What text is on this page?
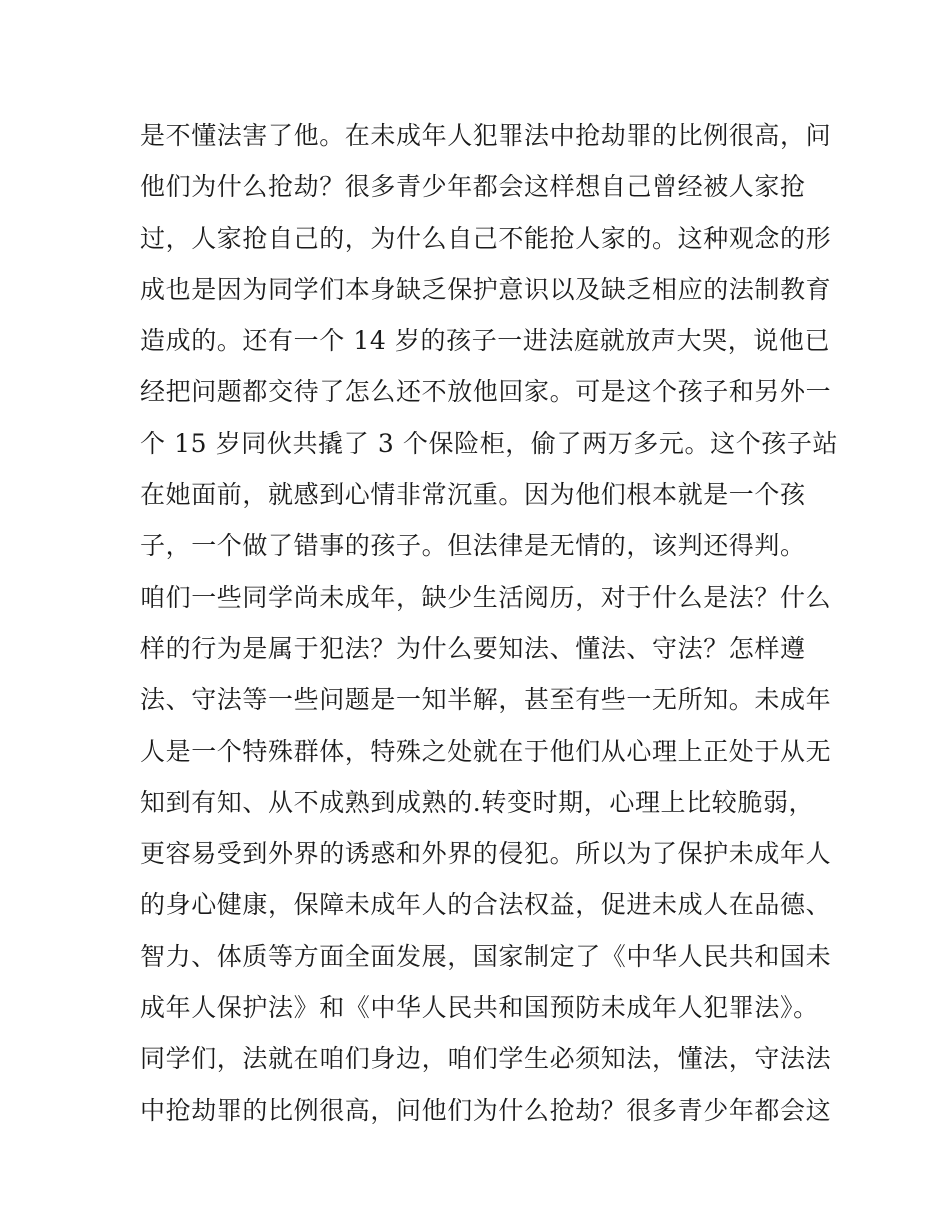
是不懂法害了他。在未成年人犯罪法中抢劫罪的比例很高，问
他们为什么抢劫？很多青少年都会这样想自己曾经被人家抢
过，人家抢自己的，为什么自己不能抢人家的。这种观念的形
成也是因为同学们本身缺乏保护意识以及缺乏相应的法制教育
造成的。还有一个 14 岁的孩子一进法庭就放声大哭，说他已
经把问题都交待了怎么还不放他回家。可是这个孩子和另外一
个 15 岁同伙共撬了 3 个保险柜，偷了两万多元。这个孩子站
在她面前，就感到心情非常沉重。因为他们根本就是一个孩
子，一个做了错事的孩子。但法律是无情的，该判还得判。
咱们一些同学尚未成年，缺少生活阅历，对于什么是法？什么
样的行为是属于犯法？为什么要知法、懂法、守法？怎样遵
法、守法等一些问题是一知半解，甚至有些一无所知。未成年
人是一个特殊群体，特殊之处就在于他们从心理上正处于从无
知到有知、从不成熟到成熟的.转变时期，心理上比较脆弱，
更容易受到外界的诱惑和外界的侵犯。所以为了保护未成年人
的身心健康，保障未成年人的合法权益，促进未成人在品德、
智力、体质等方面全面发展，国家制定了《中华人民共和国未
成年人保护法》和《中华人民共和国预防未成年人犯罪法》。
同学们，法就在咱们身边，咱们学生必须知法，懂法，守法法
中抢劫罪的比例很高，问他们为什么抢劫？很多青少年都会这
